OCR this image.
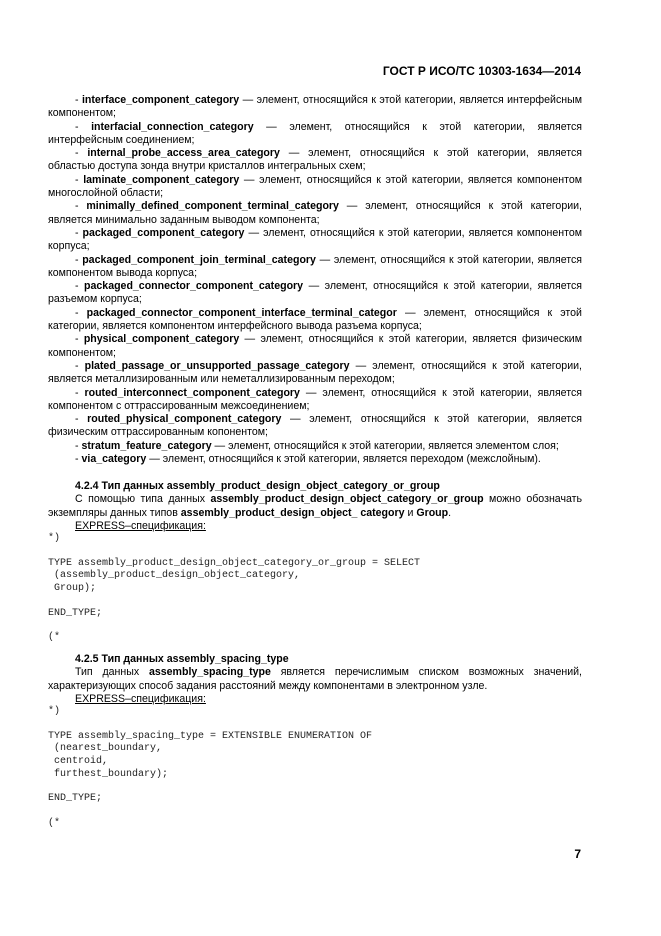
ГОСТ Р ИСО/ТС 10303-1634—2014

- interface_component_category — элемент, относящийся к этой категории, является интерфейсным компонентом;

- interfacial_connection_category — элемент, относящийся к этой категории, является интерфейсным соединением;

- internal_probe_access_area_category — элемент, относящийся к этой категории, является областью доступа зонда внутри кристаллов интегральных схем;

- laminate_component_category — элемент, относящийся к этой категории, является компонентом многослойной области;

- minimally_defined_component_terminal_category — элемент, относящийся к этой категории, является минимально заданным выводом компонента;

- packaged_component_category — элемент, относящийся к этой категории, является компонентом корпуса;

- packaged_component_join_terminal_category — элемент, относящийся к этой категории, является компонентом вывода корпуса;

- packaged_connector_component_category — элемент, относящийся к этой категории, является разъемом корпуса;

- packaged_connector_component_interface_terminal_categor — элемент, относящийся к этой категории, является компонентом интерфейсного вывода разъема корпуса;

- physical_component_category — элемент, относящийся к этой категории, является физическим компонентом;

- plated_passage_or_unsupported_passage_category — элемент, относящийся к этой категории, является металлизированным или неметаллизированным переходом;

- routed_interconnect_component_category — элемент, относящийся к этой категории, является компонентом с оттрассированным межсоединением;

- routed_physical_component_category — элемент, относящийся к этой категории, является физическим оттрассированным копонентом;

- stratum_feature_category — элемент, относящийся к этой категории, является элементом слоя;

- via_category — элемент, относящийся к этой категории, является переходом (межслойным).

4.2.4 Тип данных assembly_product_design_object_category_or_group

С помощью типа данных assembly_product_design_object_category_or_group можно обозначать экземпляры данных типов assembly_product_design_object_ category и Group.

EXPRESS–спецификация:

*)
TYPE assembly_product_design_object_category_or_group = SELECT
(assembly_product_design_object_category,
Group);
END_TYPE;
(*

4.2.5 Тип данных assembly_spacing_type

Тип данных assembly_spacing_type является перечислимым списком возможных значений, характеризующих способ задания расстояний между компонентами в электронном узле.

EXPRESS–спецификация:

*)
TYPE assembly_spacing_type = EXTENSIBLE ENUMERATION OF
(nearest_boundary,
centroid,
furthest_boundary);
END_TYPE;
(*
7
